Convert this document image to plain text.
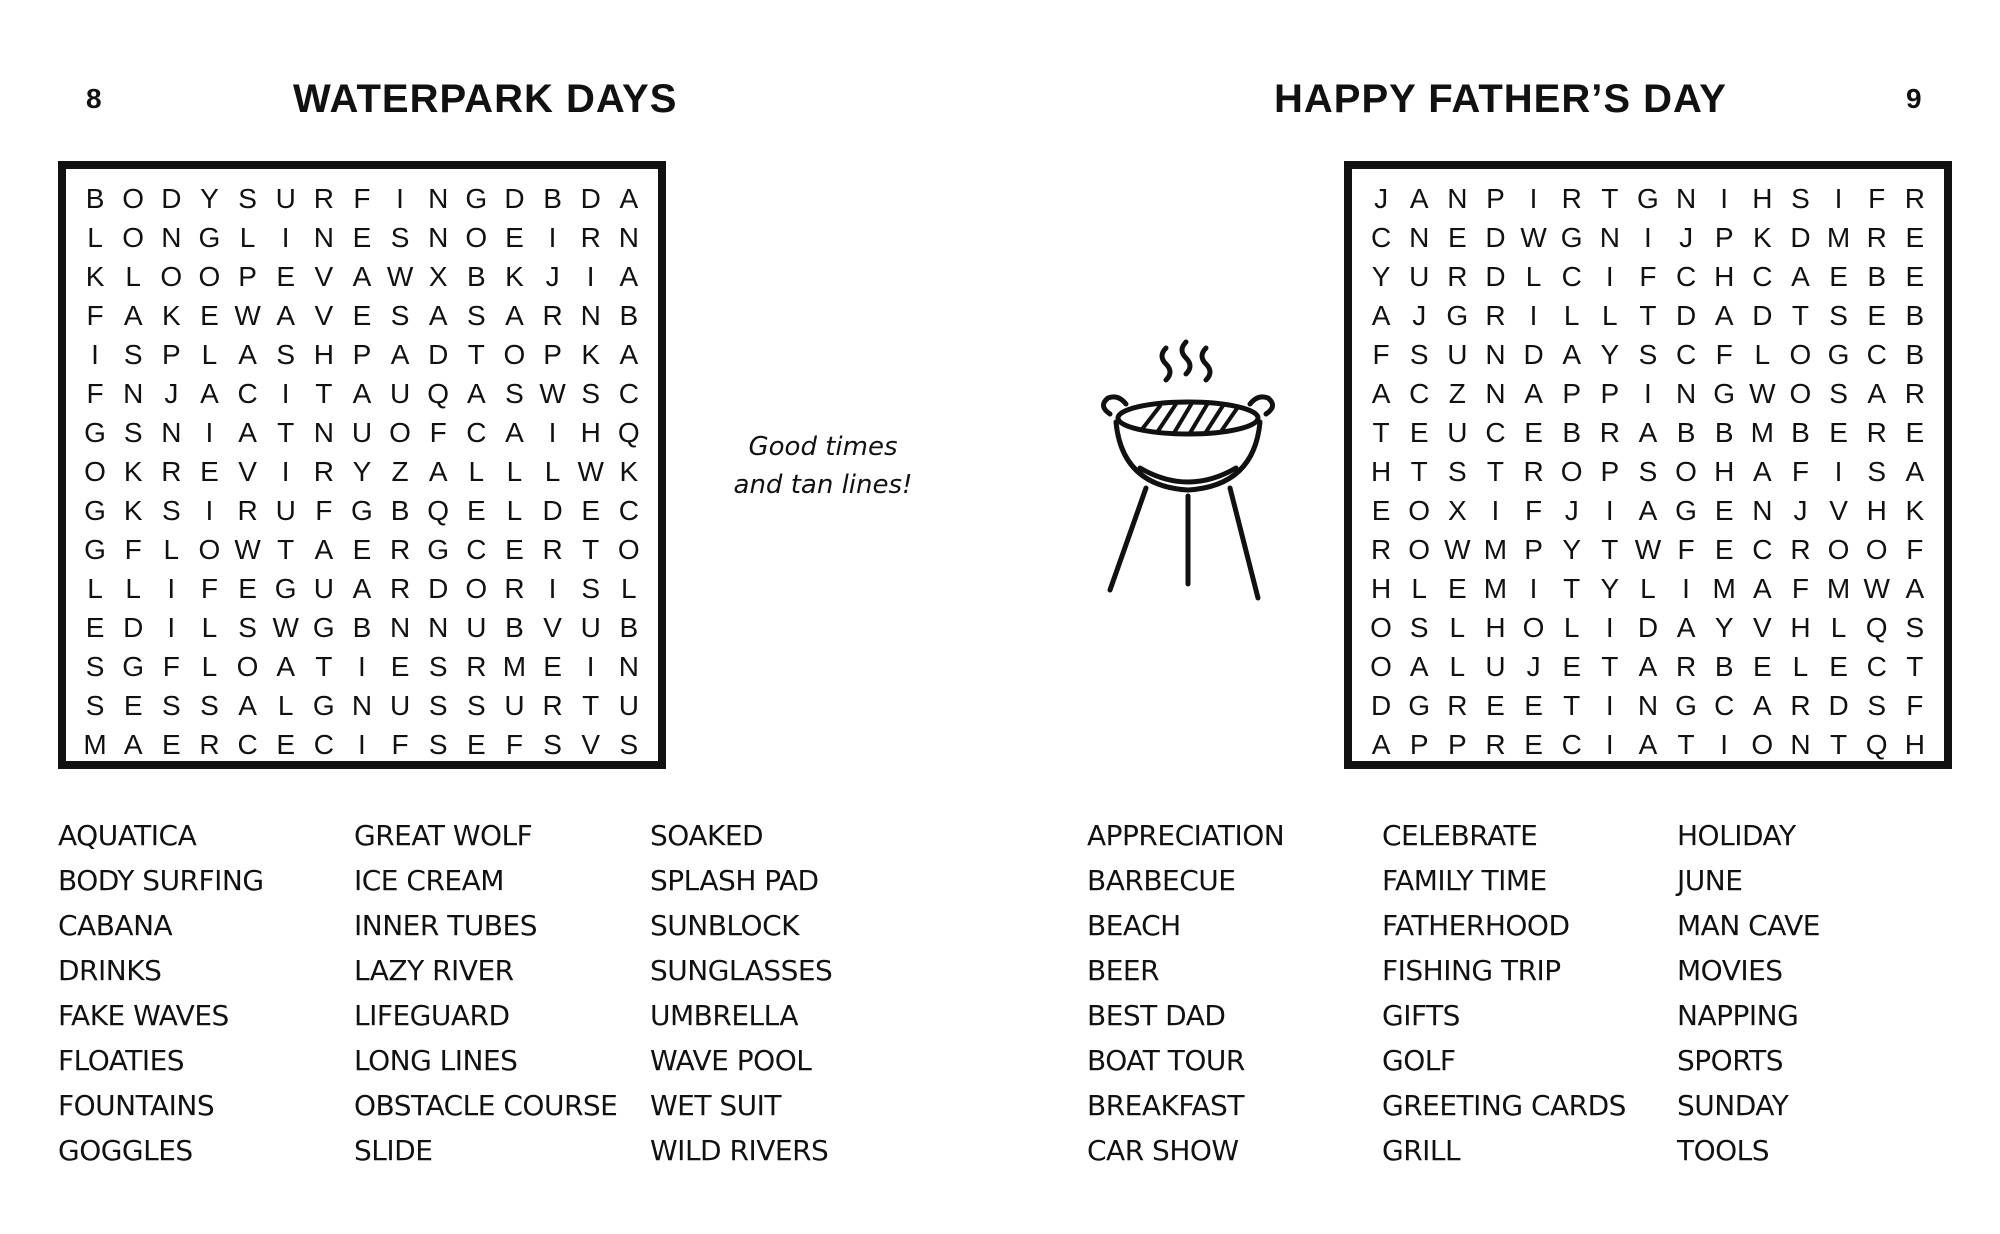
8	WATERPARK DAYS
B O D Y S U R F I N G D B D A
L O N G L I N E S N O E I R N
K L O O P E V A W X B K J I A
F A K E W A V E S A S A R N B
I S P L A S H P A D T O P K A
F N J A C I T A U Q A S W S C
G S N I A T N U O F C A I H Q
O K R E V I R Y Z A L L L W K
G K S I R U F G B Q E L D E C
G F L O W T A E R G C E R T O
L L I F E G U A R D O R I S L
E D I L S W G B N N U B V U B
S G F L O A T I E S R M E I N
S E S S A L G N U S S U R T U
M A E R C E C I F S E F S V S
AQUATICA
BODY SURFING
CABANA
DRINKS
FAKE WAVES
FLOATIES
FOUNTAINS
GOGGLES
GREAT WOLF
ICE CREAM
INNER TUBES
LAZY RIVER
LIFEGUARD
LONG LINES
OBSTACLE COURSE
SLIDE
SOAKED
SPLASH PAD
SUNBLOCK
SUNGLASSES
UMBRELLA
WAVE POOL
WET SUIT
WILD RIVERS
Good times
and tan lines!
HAPPY FATHER’S DAY	9
J A N P I R T G N I H S I F R
C N E D W G N I J P K D M R E
Y U R D L C I F C H C A E B E
A J G R I L L T D A D T S E B
F S U N D A Y S C F L O G C B
A C Z N A P P I N G W O S A R
T E U C E B R A B B M B E R E
H T S T R O P S O H A F I S A
E O X I F J I A G E N J V H K
R O W M P Y T W F E C R O O F
H L E M I T Y L I M A F M W A
O S L H O L I D A Y V H L Q S
O A L U J E T A R B E L E C T
D G R E E T I N G C A R D S F
A P P R E C I A T I O N T Q H
APPRECIATION
BARBECUE
BEACH
BEER
BEST DAD
BOAT TOUR
BREAKFAST
CAR SHOW
CELEBRATE
FAMILY TIME
FATHERHOOD
FISHING TRIP
GIFTS
GOLF
GREETING CARDS
GRILL
HOLIDAY
JUNE
MAN CAVE
MOVIES
NAPPING
SPORTS
SUNDAY
TOOLS
